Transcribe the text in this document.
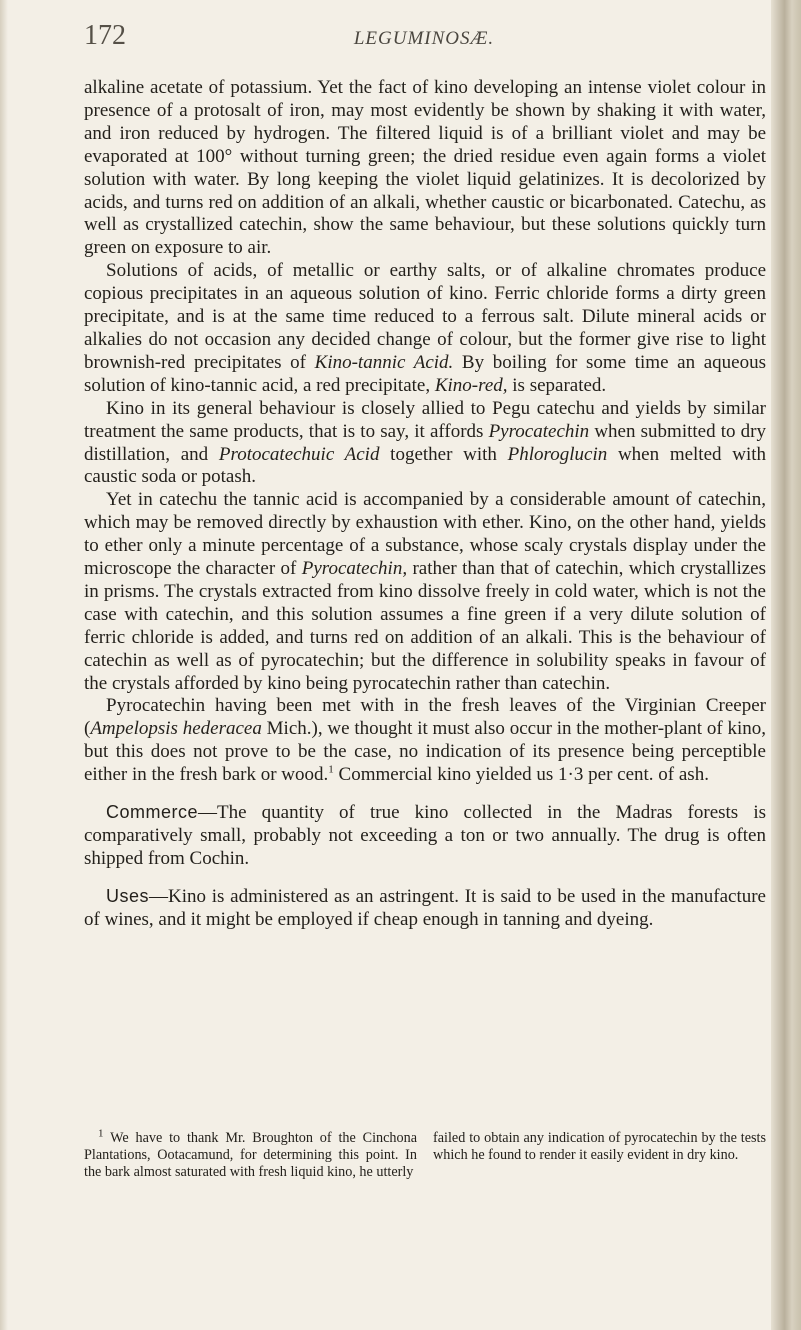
172	LEGUMINOSÆ.

alkaline acetate of potassium. Yet the fact of kino developing an intense violet colour in presence of a protosalt of iron, may most evidently be shown by shaking it with water, and iron reduced by hydrogen. The filtered liquid is of a brilliant violet and may be evaporated at 100° without turning green; the dried residue even again forms a violet solution with water. By long keeping the violet liquid gelatinizes. It is decolorized by acids, and turns red on addition of an alkali, whether caustic or bicarbonated. Catechu, as well as crystallized catechin, show the same behaviour, but these solutions quickly turn green on exposure to air.

Solutions of acids, of metallic or earthy salts, or of alkaline chromates produce copious precipitates in an aqueous solution of kino. Ferric chloride forms a dirty green precipitate, and is at the same time reduced to a ferrous salt. Dilute mineral acids or alkalies do not occasion any decided change of colour, but the former give rise to light brownish-red precipitates of Kino-tannic Acid. By boiling for some time an aqueous solution of kino-tannic acid, a red precipitate, Kino-red, is separated.

Kino in its general behaviour is closely allied to Pegu catechu and yields by similar treatment the same products, that is to say, it affords Pyrocatechin when submitted to dry distillation, and Protocatechuic Acid together with Phloroglucin when melted with caustic soda or potash.

Yet in catechu the tannic acid is accompanied by a considerable amount of catechin, which may be removed directly by exhaustion with ether. Kino, on the other hand, yields to ether only a minute percentage of a substance, whose scaly crystals display under the microscope the character of Pyrocatechin, rather than that of catechin, which crystallizes in prisms. The crystals extracted from kino dissolve freely in cold water, which is not the case with catechin, and this solution assumes a fine green if a very dilute solution of ferric chloride is added, and turns red on addition of an alkali. This is the behaviour of catechin as well as of pyrocatechin; but the difference in solubility speaks in favour of the crystals afforded by kino being pyrocatechin rather than catechin.

Pyrocatechin having been met with in the fresh leaves of the Virginian Creeper (Ampelopsis hederacea Mich.), we thought it must also occur in the mother-plant of kino, but this does not prove to be the case, no indication of its presence being perceptible either in the fresh bark or wood.$^1$ Commercial kino yielded us 1·3 per cent. of ash.

Commerce—The quantity of true kino collected in the Madras forests is comparatively small, probably not exceeding a ton or two annually. The drug is often shipped from Cochin.

Uses—Kino is administered as an astringent. It is said to be used in the manufacture of wines, and it might be employed if cheap enough in tanning and dyeing.

$^1$ We have to thank Mr. Broughton of the Cinchona Plantations, Ootacamund, for determining this point. In the bark almost saturated with fresh liquid kino, he utterly

failed to obtain any indication of pyrocatechin by the tests which he found to render it easily evident in dry kino.
